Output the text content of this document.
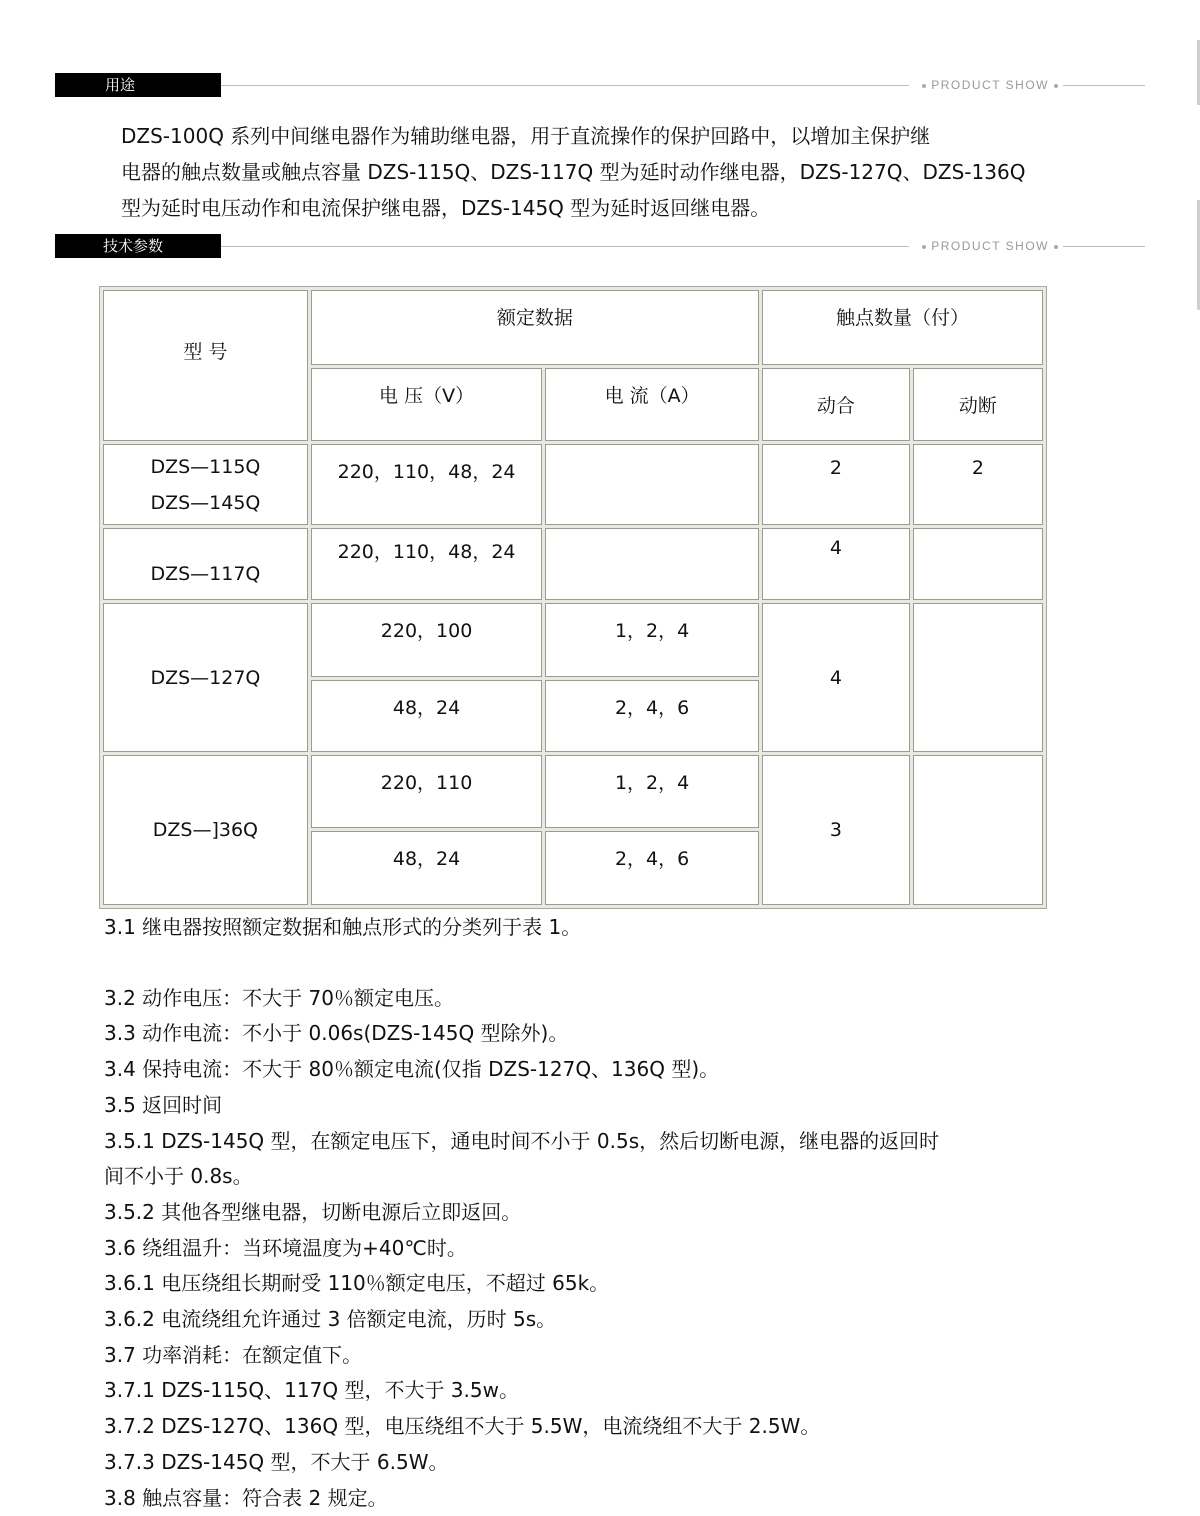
用途	PRODUCT SHOW

DZS-100Q 系列中间继电器作为辅助继电器，用于直流操作的保护回路中，以增加主保护继

电器的触点数量或触点容量 DZS-115Q、DZS-117Q 型为延时动作继电器，DZS-127Q、DZS-136Q

型为延时电压动作和电流保护继电器，DZS-145Q 型为延时返回继电器。

技术参数	PRODUCT SHOW
型 号	额定数据		触点数量（付）	
	电 压（V）	电 流（A）	动合	动断

DZS—115Q
DZS—145Q	220，110，48，24		2	2
DZS—117Q	220，110，48，24		4	
DZS—127Q	220，100	1，2，4	4	
	48，24	2，4，6		
DZS—]36Q	220，110	1，2，4	3	
	48，24	2，4，6		

3.1 继电器按照额定数据和触点形式的分类列于表 1。

3.2 动作电压：不大于 70％额定电压。

3.3 动作电流：不小于 0.06s(DZS-145Q 型除外)。

3.4 保持电流：不大于 80％额定电流(仅指 DZS-127Q、136Q 型)。

3.5 返回时间

3.5.1 DZS-145Q 型，在额定电压下，通电时间不小于 0.5s，然后切断电源，继电器的返回时

间不小于 0.8s。

3.5.2 其他各型继电器，切断电源后立即返回。

3.6 绕组温升：当环境温度为+40℃时。

3.6.1 电压绕组长期耐受 110％额定电压，不超过 65k。

3.6.2 电流绕组允许通过 3 倍额定电流，历时 5s。

3.7 功率消耗：在额定值下。

3.7.1 DZS-115Q、117Q 型，不大于 3.5w。

3.7.2 DZS-127Q、136Q 型，电压绕组不大于 5.5W，电流绕组不大于 2.5W。

3.7.3 DZS-145Q 型，不大于 6.5W。

3.8 触点容量：符合表 2 规定。
